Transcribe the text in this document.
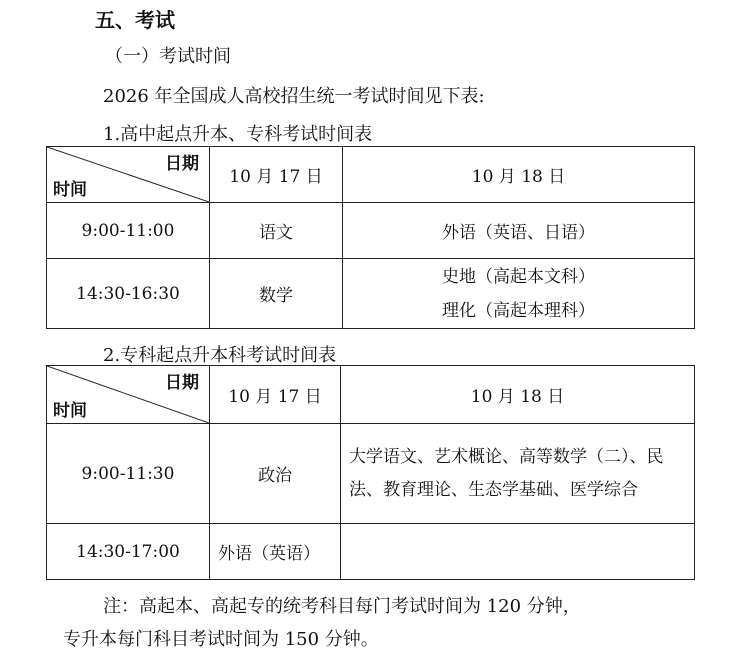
五、考试
（一）考试时间
2026 年全国成人高校招生统一考试时间见下表:
1.高中起点升本、专科考试时间表
日期
时间	10 月 17 日	10 月 18 日
9:00-11:00	语文	外语（英语、日语）
14:30-16:30	数学	史地（高起本文科）
理化（高起本理科）
2.专科起点升本科考试时间表
日期
时间	10 月 17 日	10 月 18 日
9:00-11:30	政治	大学语文、艺术概论、高等数学（二）、民法、教育理论、生态学基础、医学综合
14:30-17:00	外语（英语）	
注：高起本、高起专的统考科目每门考试时间为 120 分钟，
专升本每门科目考试时间为 150 分钟。
